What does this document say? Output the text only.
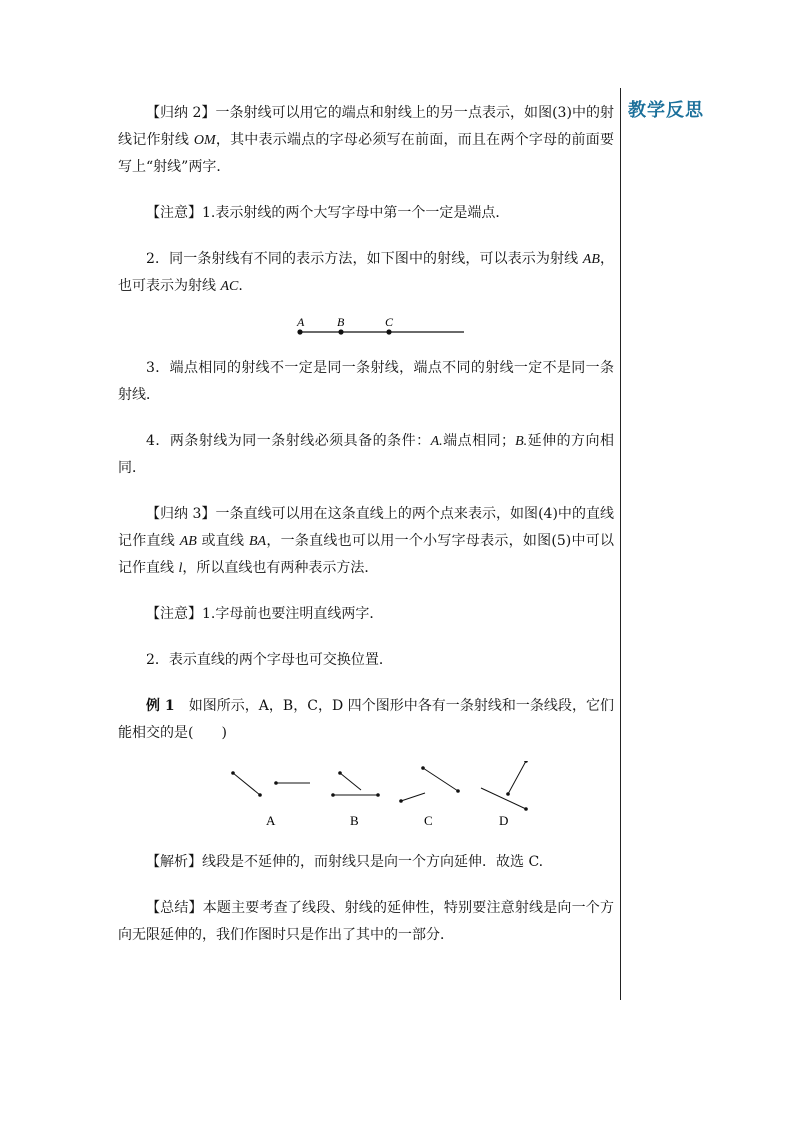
教学反思

【归纳 2】一条射线可以用它的端点和射线上的另一点表示，如图(3)中的射线记作射线 OM，其中表示端点的字母必须写在前面，而且在两个字母的前面要写上“射线”两字．

【注意】1.表示射线的两个大写字母中第一个一定是端点．

2．同一条射线有不同的表示方法，如下图中的射线，可以表示为射线 AB，也可表示为射线 AC.

A	B	C

3．端点相同的射线不一定是同一条射线，端点不同的射线一定不是同一条射线．

4．两条射线为同一条射线必须具备的条件：A.端点相同；B.延伸的方向相同．

【归纳 3】一条直线可以用在这条直线上的两个点来表示，如图(4)中的直线记作直线 AB 或直线 BA，一条直线也可以用一个小写字母表示，如图(5)中可以记作直线 l，所以直线也有两种表示方法．

【注意】1.字母前也要注明直线两字．

2．表示直线的两个字母也可交换位置．

例 1　如图所示，A，B，C，D 四个图形中各有一条射线和一条线段，它们能相交的是(　　)

A	B	C	D

【解析】线段是不延伸的，而射线只是向一个方向延伸．故选 C.

【总结】本题主要考查了线段、射线的延伸性，特别要注意射线是向一个方向无限延伸的，我们作图时只是作出了其中的一部分．
